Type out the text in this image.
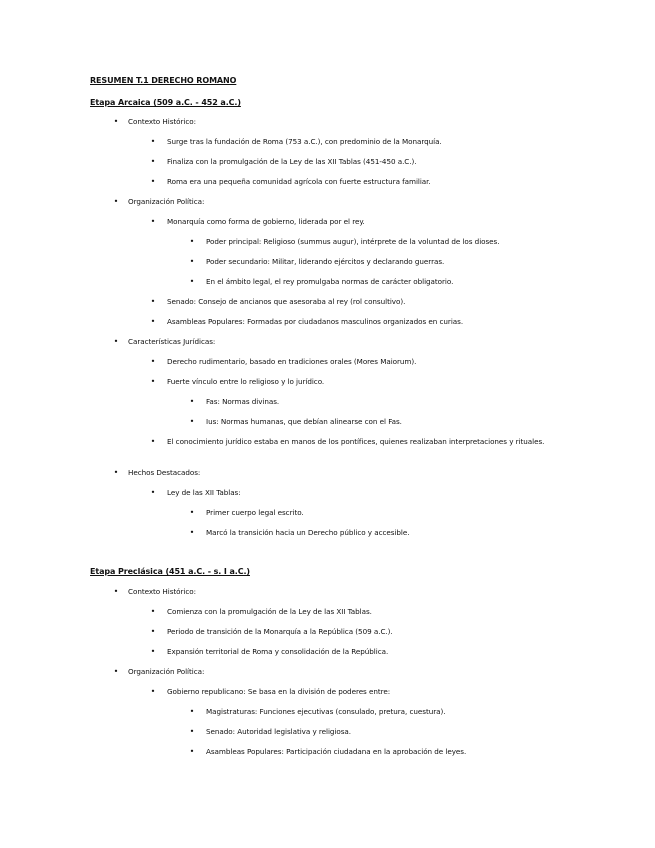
RESUMEN T.1 DERECHO ROMANO
Etapa Arcaica (509 a.C. - 452 a.C.)
•	Contexto Histórico:
•	Surge tras la fundación de Roma (753 a.C.), con predominio de la Monarquía.
•	Finaliza con la promulgación de la Ley de las XII Tablas (451-450 a.C.).
•	Roma era una pequeña comunidad agrícola con fuerte estructura familiar.
•	Organización Política:
•	Monarquía como forma de gobierno, liderada por el rey.
•	Poder principal: Religioso (summus augur), intérprete de la voluntad de los dioses.
•	Poder secundario: Militar, liderando ejércitos y declarando guerras.
•	En el ámbito legal, el rey promulgaba normas de carácter obligatorio.
•	Senado: Consejo de ancianos que asesoraba al rey (rol consultivo).
•	Asambleas Populares: Formadas por ciudadanos masculinos organizados en curias.
•	Características Jurídicas:
•	Derecho rudimentario, basado en tradiciones orales (Mores Maiorum).
•	Fuerte vínculo entre lo religioso y lo jurídico.
•	Fas: Normas divinas.
•	Ius: Normas humanas, que debían alinearse con el Fas.
•	El conocimiento jurídico estaba en manos de los pontífices, quienes realizaban interpretaciones y rituales.
•	Hechos Destacados:
•	Ley de las XII Tablas:
•	Primer cuerpo legal escrito.
•	Marcó la transición hacia un Derecho público y accesible.
Etapa Preclásica (451 a.C. - s. I a.C.)
•	Contexto Histórico:
•	Comienza con la promulgación de la Ley de las XII Tablas.
•	Periodo de transición de la Monarquía a la República (509 a.C.).
•	Expansión territorial de Roma y consolidación de la República.
•	Organización Política:
•	Gobierno republicano: Se basa en la división de poderes entre:
•	Magistraturas: Funciones ejecutivas (consulado, pretura, cuestura).
•	Senado: Autoridad legislativa y religiosa.
•	Asambleas Populares: Participación ciudadana en la aprobación de leyes.
